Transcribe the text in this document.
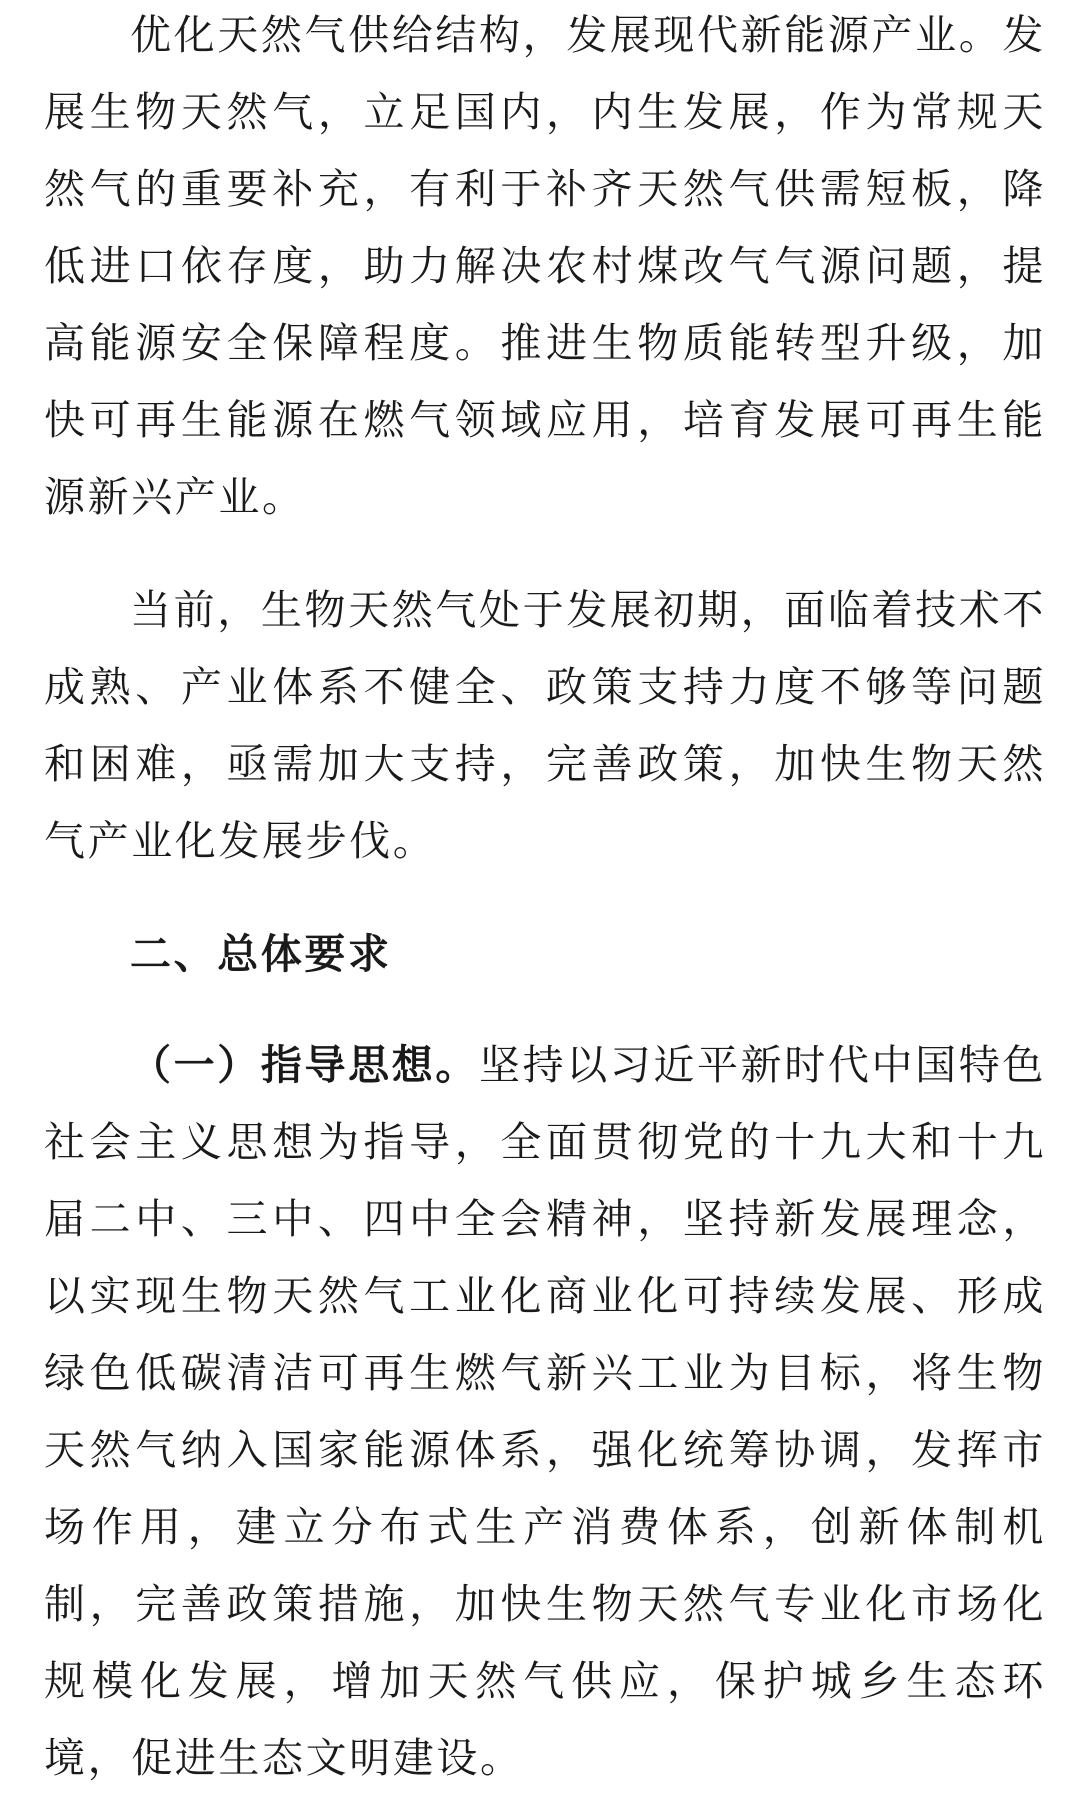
优化天然气供给结构，发展现代新能源产业。发展生物天然气，立足国内，内生发展，作为常规天然气的重要补充，有利于补齐天然气供需短板，降低进口依存度，助力解决农村煤改气气源问题，提高能源安全保障程度。推进生物质能转型升级，加快可再生能源在燃气领域应用，培育发展可再生能源新兴产业。

当前，生物天然气处于发展初期，面临着技术不成熟、产业体系不健全、政策支持力度不够等问题和困难，亟需加大支持，完善政策，加快生物天然气产业化发展步伐。

二、总体要求

（一）指导思想。坚持以习近平新时代中国特色社会主义思想为指导，全面贯彻党的十九大和十九届二中、三中、四中全会精神，坚持新发展理念，以实现生物天然气工业化商业化可持续发展、形成绿色低碳清洁可再生燃气新兴工业为目标，将生物天然气纳入国家能源体系，强化统筹协调，发挥市场作用，建立分布式生产消费体系，创新体制机制，完善政策措施，加快生物天然气专业化市场化规模化发展，增加天然气供应，保护城乡生态环境，促进生态文明建设。
